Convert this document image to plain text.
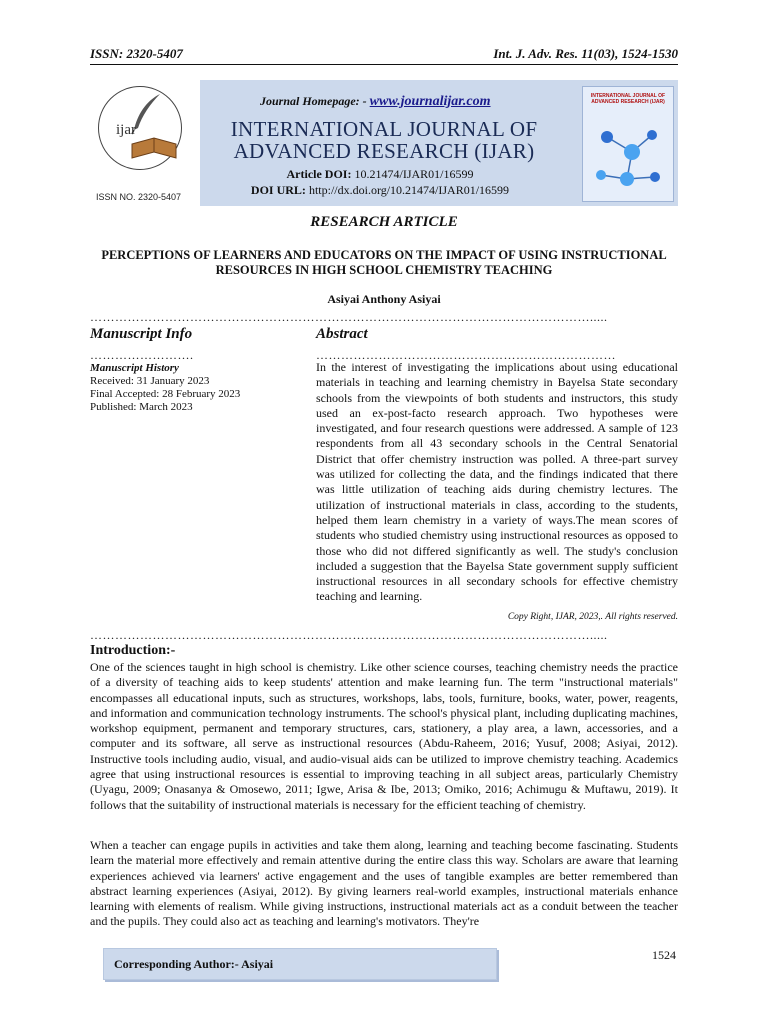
ISSN: 2320-5407	Int. J. Adv. Res. 11(03), 1524-1530
ijar
ISSN NO. 2320-5407
Journal Homepage: - www.journalijar.com
INTERNATIONAL JOURNAL OF
ADVANCED RESEARCH (IJAR)
Article DOI: 10.21474/IJAR01/16599
DOI URL: http://dx.doi.org/10.21474/IJAR01/16599
INTERNATIONAL JOURNAL OF ADVANCED RESEARCH (IJAR)
RESEARCH ARTICLE
PERCEPTIONS OF LEARNERS AND EDUCATORS ON THE IMPACT OF USING INSTRUCTIONAL RESOURCES IN HIGH SCHOOL CHEMISTRY TEACHING
Asiyai Anthony Asiyai
………………………………………………………………………………………………………….....
Manuscript Info
…………………….
Manuscript History
Received: 31 January 2023
Final Accepted: 28 February 2023
Published: March 2023
Abstract
………………………………………………………………
In the interest of investigating the implications about using educational materials in teaching and learning chemistry in Bayelsa State secondary schools from the viewpoints of both students and instructors, this study used an ex-post-facto research approach. Two hypotheses were investigated, and four research questions were addressed. A sample of 123 respondents from all 43 secondary schools in the Central Senatorial District that offer chemistry instruction was polled. A three-part survey was utilized for collecting the data, and the findings indicated that there was little utilization of teaching aids during chemistry lectures. The utilization of instructional materials in class, according to the students, helped them learn chemistry in a variety of ways.The mean scores of students who studied chemistry using instructional resources as opposed to those who did not differed significantly as well. The study's conclusion included a suggestion that the Bayelsa State government supply sufficient instructional resources in all secondary schools for effective chemistry teaching and learning.
Copy Right, IJAR, 2023,. All rights reserved.
………………………………………………………………………………………………………….....
Introduction:-
One of the sciences taught in high school is chemistry. Like other science courses, teaching chemistry needs the practice of a diversity of teaching aids to keep students' attention and make learning fun. The term "instructional materials" encompasses all educational inputs, such as structures, workshops, labs, tools, furniture, books, water, power, reagents, and information and communication technology instruments. The school's physical plant, including duplicating machines, workshop equipment, permanent and temporary structures, cars, stationery, a play area, a lawn, accessories, and a computer and its software, all serve as instructional resources (Abdu-Raheem, 2016; Yusuf, 2008; Asiyai, 2012). Instructive tools including audio, visual, and audio-visual aids can be utilized to improve chemistry teaching. Academics agree that using instructional resources is essential to improving teaching in all subject areas, particularly Chemistry (Uyagu, 2009; Onasanya & Omosewo, 2011; Igwe, Arisa & Ibe, 2013; Omiko, 2016; Achimugu & Muftawu, 2019). It follows that the suitability of instructional materials is necessary for the efficient teaching of chemistry.
When a teacher can engage pupils in activities and take them along, learning and teaching become fascinating. Students learn the material more effectively and remain attentive during the entire class this way. Scholars are aware that learning experiences achieved via learners' active engagement and the uses of tangible examples are better remembered than abstract learning experiences (Asiyai, 2012). By giving learners real-world examples, instructional materials enhance learning with elements of realism. While giving instructions, instructional materials act as a conduit between the teacher and the pupils. They could also act as teaching and learning's motivators. They're
Corresponding Author:- Asiyai
1524
